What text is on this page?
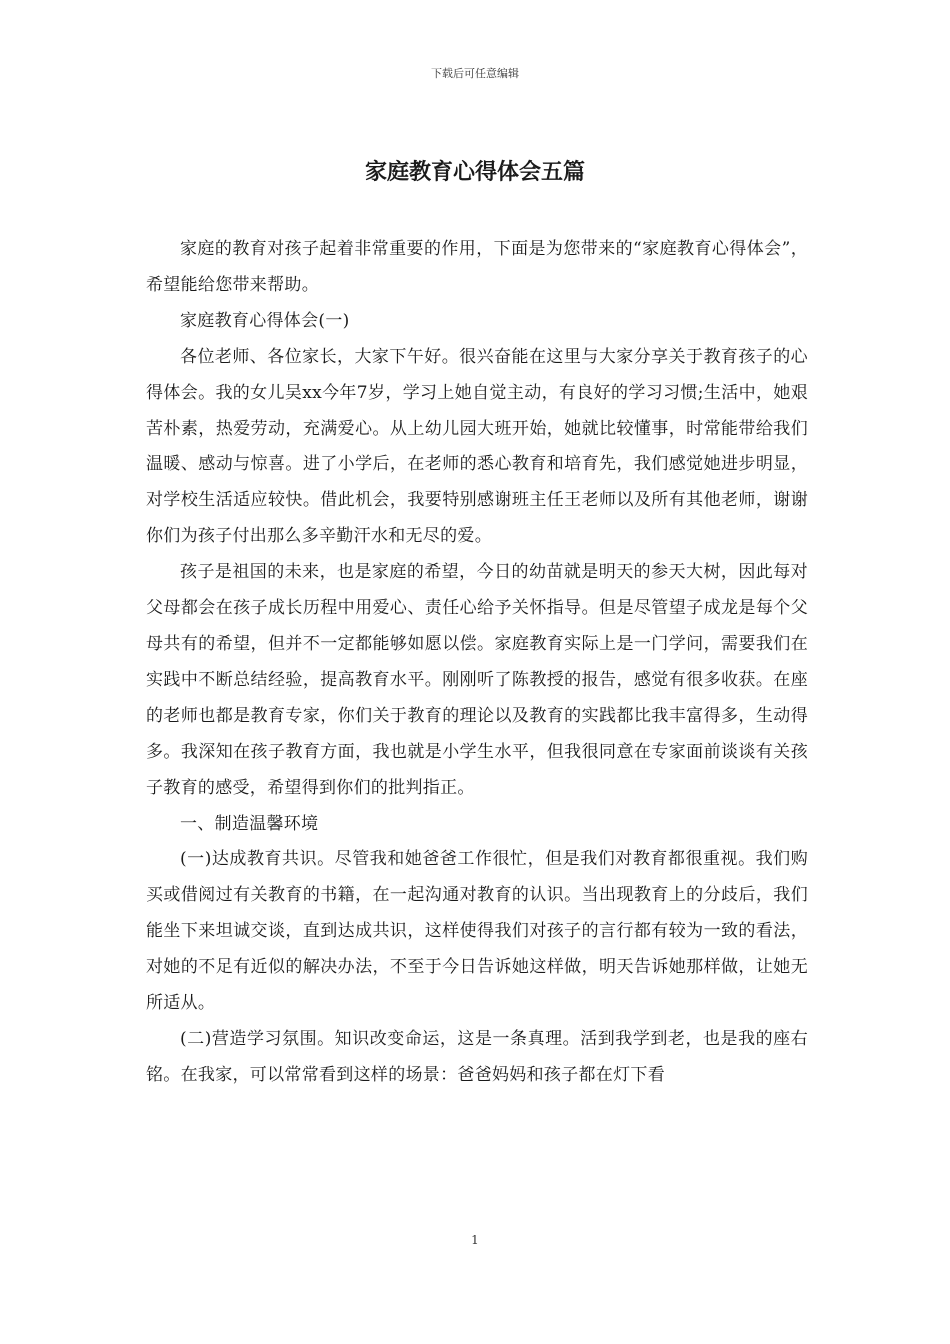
下载后可任意编辑
家庭教育心得体会五篇

家庭的教育对孩子起着非常重要的作用，下面是为您带来的“家庭教育心得体会”，希望能给您带来帮助。

家庭教育心得体会(一)

各位老师、各位家长，大家下午好。很兴奋能在这里与大家分享关于教育孩子的心得体会。我的女儿吴xx今年7岁，学习上她自觉主动，有良好的学习习惯;生活中，她艰苦朴素，热爱劳动，充满爱心。从上幼儿园大班开始，她就比较懂事，时常能带给我们温暖、感动与惊喜。进了小学后，在老师的悉心教育和培育先，我们感觉她进步明显，对学校生活适应较快。借此机会，我要特别感谢班主任王老师以及所有其他老师，谢谢你们为孩子付出那么多辛勤汗水和无尽的爱。

孩子是祖国的未来，也是家庭的希望，今日的幼苗就是明天的参天大树，因此每对父母都会在孩子成长历程中用爱心、责任心给予关怀指导。但是尽管望子成龙是每个父母共有的希望，但并不一定都能够如愿以偿。家庭教育实际上是一门学问，需要我们在实践中不断总结经验，提高教育水平。刚刚听了陈教授的报告，感觉有很多收获。在座的老师也都是教育专家，你们关于教育的理论以及教育的实践都比我丰富得多，生动得多。我深知在孩子教育方面，我也就是小学生水平，但我很同意在专家面前谈谈有关孩子教育的感受，希望得到你们的批判指正。

一、制造温馨环境

(一)达成教育共识。尽管我和她爸爸工作很忙，但是我们对教育都很重视。我们购买或借阅过有关教育的书籍，在一起沟通对教育的认识。当出现教育上的分歧后，我们能坐下来坦诚交谈，直到达成共识，这样使得我们对孩子的言行都有较为一致的看法，对她的不足有近似的解决办法，不至于今日告诉她这样做，明天告诉她那样做，让她无所适从。

(二)营造学习氛围。知识改变命运，这是一条真理。活到我学到老，也是我的座右铭。在我家，可以常常看到这样的场景：爸爸妈妈和孩子都在灯下看

1
